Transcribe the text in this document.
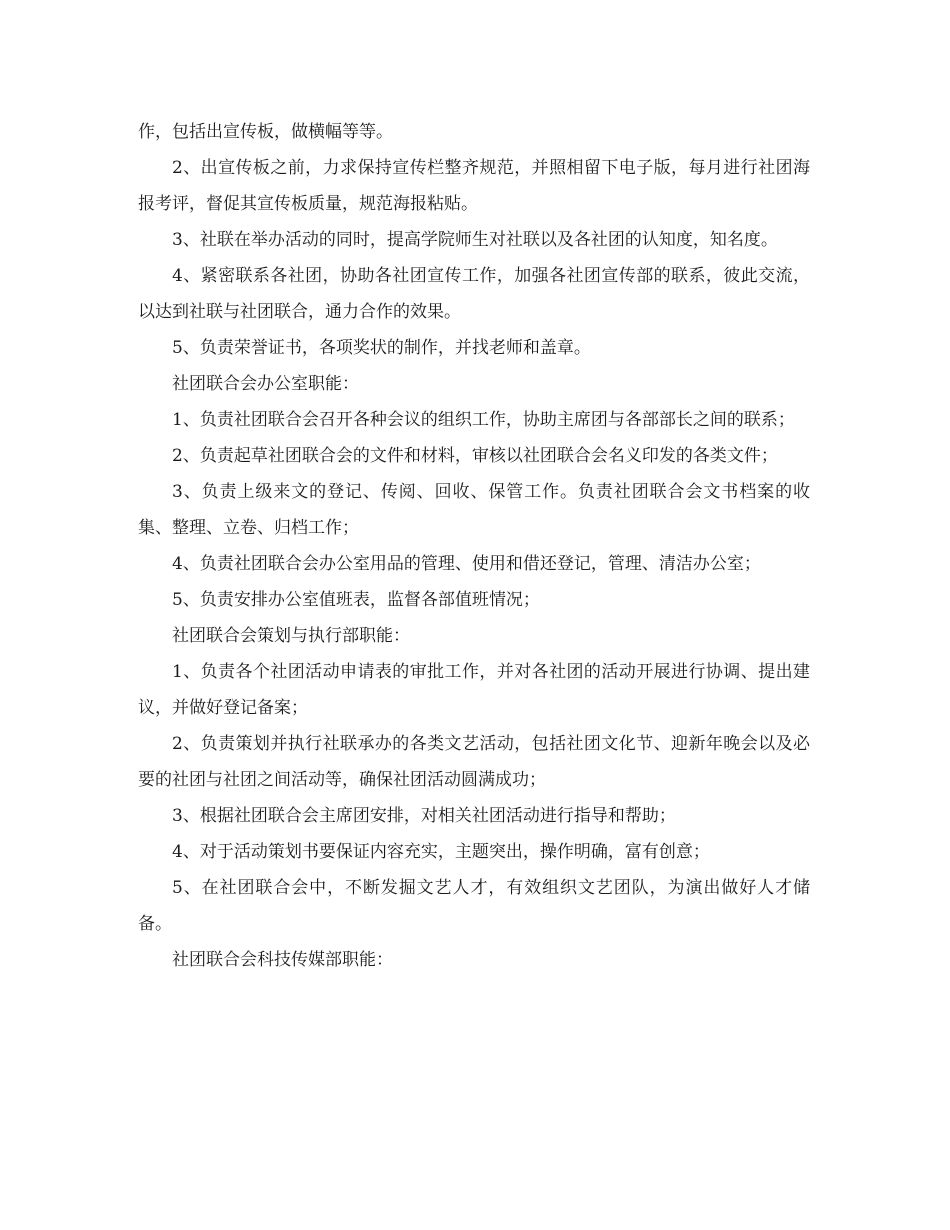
作，包括出宣传板，做横幅等等。

2、出宣传板之前，力求保持宣传栏整齐规范，并照相留下电子版，每月进行社团海报考评，督促其宣传板质量，规范海报粘贴。

3、社联在举办活动的同时，提高学院师生对社联以及各社团的认知度，知名度。

4、紧密联系各社团，协助各社团宣传工作，加强各社团宣传部的联系，彼此交流，以达到社联与社团联合，通力合作的效果。

5、负责荣誉证书，各项奖状的制作，并找老师和盖章。

社团联合会办公室职能：

1、负责社团联合会召开各种会议的组织工作，协助主席团与各部部长之间的联系；

2、负责起草社团联合会的文件和材料，审核以社团联合会名义印发的各类文件；

3、负责上级来文的登记、传阅、回收、保管工作。负责社团联合会文书档案的收集、整理、立卷、归档工作；

4、负责社团联合会办公室用品的管理、使用和借还登记，管理、清洁办公室；

5、负责安排办公室值班表，监督各部值班情况；

社团联合会策划与执行部职能：

1、负责各个社团活动申请表的审批工作，并对各社团的活动开展进行协调、提出建议，并做好登记备案；

2、负责策划并执行社联承办的各类文艺活动，包括社团文化节、迎新年晚会以及必要的社团与社团之间活动等，确保社团活动圆满成功；

3、根据社团联合会主席团安排，对相关社团活动进行指导和帮助；

4、对于活动策划书要保证内容充实，主题突出，操作明确，富有创意；

5、在社团联合会中，不断发掘文艺人才，有效组织文艺团队，为演出做好人才储备。

社团联合会科技传媒部职能：
